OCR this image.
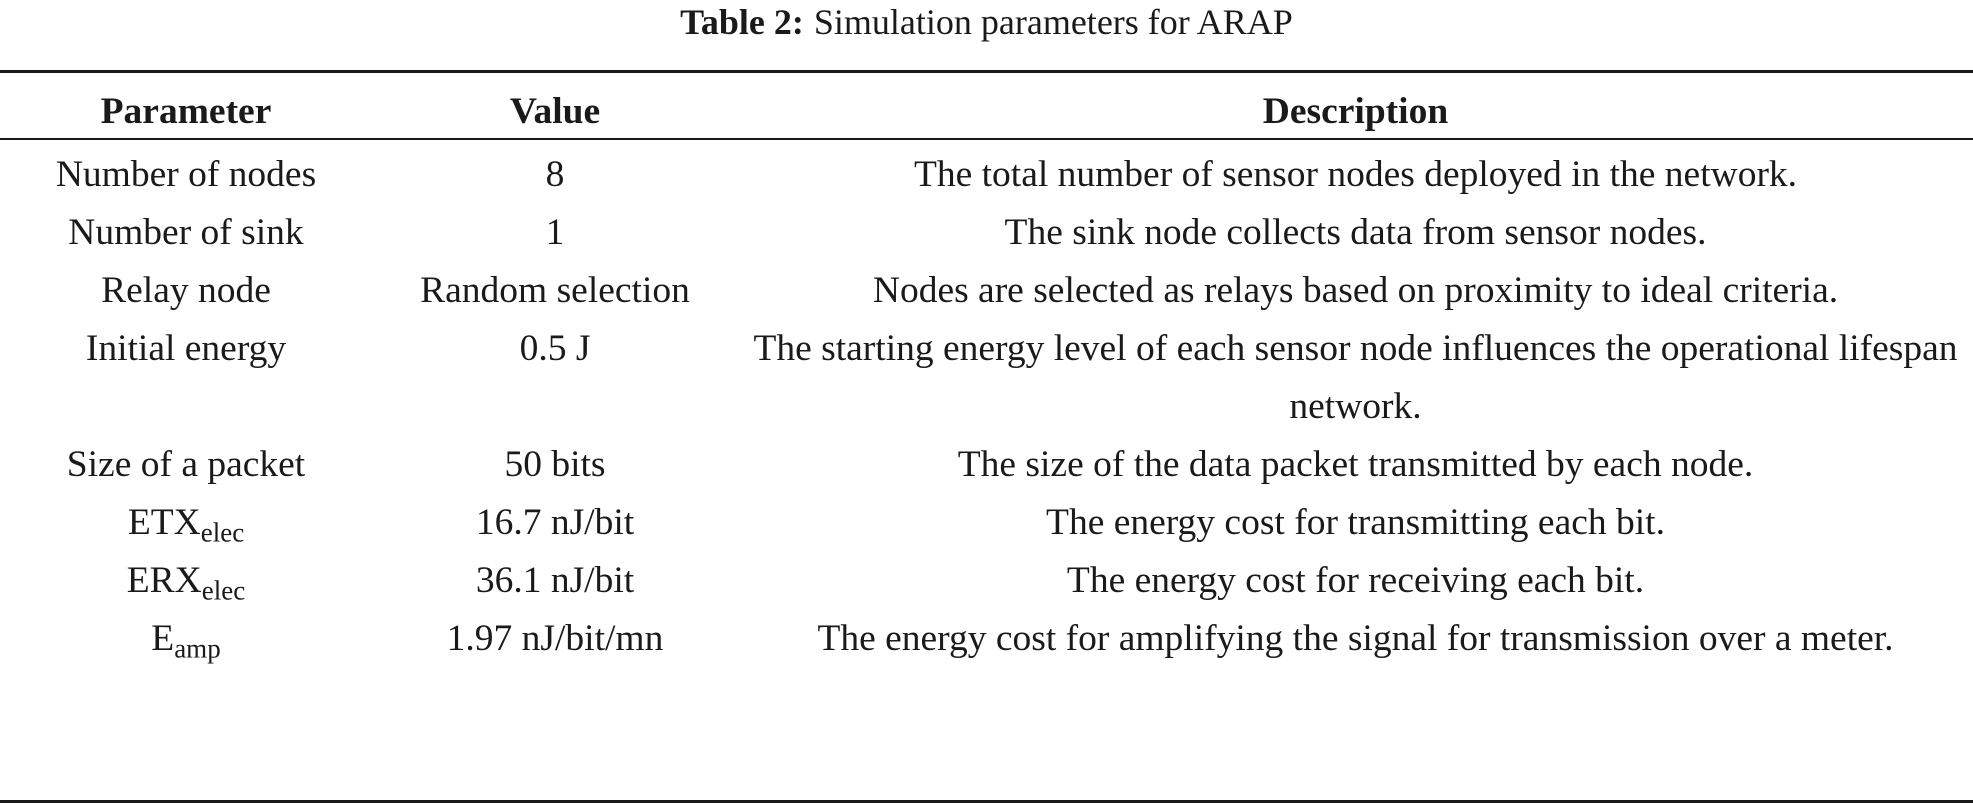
Table 2: Simulation parameters for ARAP
Parameter	Value	Description
Number of nodes	8	The total number of sensor nodes deployed in the network.
Number of sink	1	The sink node collects data from sensor nodes.
Relay node	Random selection	Nodes are selected as relays based on proximity to ideal criteria.
Initial energy	0.5 J	The starting energy level of each sensor node influences the operational lifespan network.
Size of a packet	50 bits	The size of the data packet transmitted by each node.
$ETX_{elec}$	16.7 nJ/bit	The energy cost for transmitting each bit.
$ERX_{elec}$	36.1 nJ/bit	The energy cost for receiving each bit.
$E_{amp}$	1.97 nJ/bit/mn	The energy cost for amplifying the signal for transmission over a meter.
